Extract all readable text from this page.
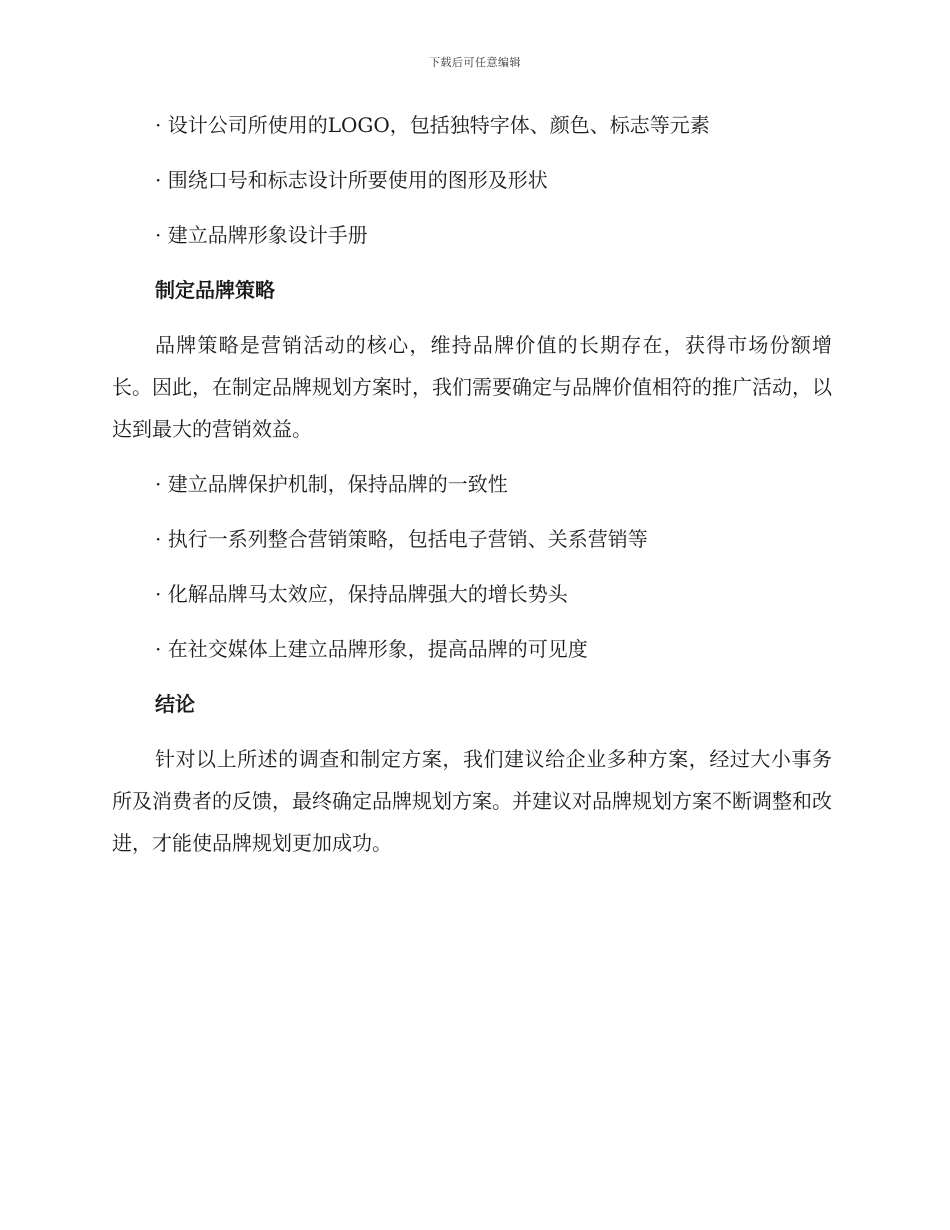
下载后可任意编辑
· 设计公司所使用的LOGO，包括独特字体、颜色、标志等元素
· 围绕口号和标志设计所要使用的图形及形状
· 建立品牌形象设计手册
制定品牌策略

品牌策略是营销活动的核心，维持品牌价值的长期存在，获得市场份额增长。因此，在制定品牌规划方案时，我们需要确定与品牌价值相符的推广活动，以达到最大的营销效益。

· 建立品牌保护机制，保持品牌的一致性
· 执行一系列整合营销策略，包括电子营销、关系营销等
· 化解品牌马太效应，保持品牌强大的增长势头
· 在社交媒体上建立品牌形象，提高品牌的可见度
结论

针对以上所述的调查和制定方案，我们建议给企业多种方案，经过大小事务所及消费者的反馈，最终确定品牌规划方案。并建议对品牌规划方案不断调整和改进，才能使品牌规划更加成功。
